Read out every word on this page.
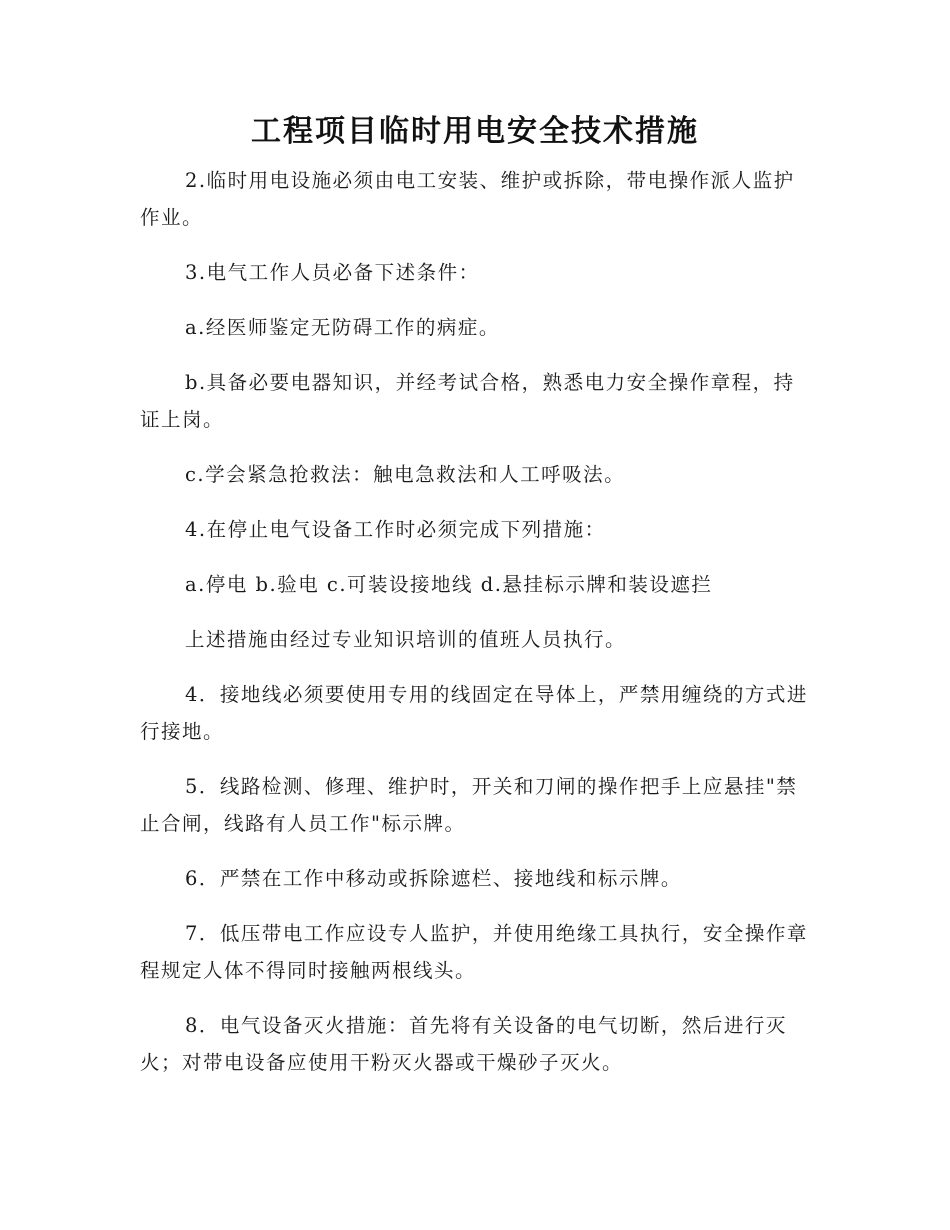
工程项目临时用电安全技术措施

2.临时用电设施必须由电工安装、维护或拆除，带电操作派人监护作业。

3.电气工作人员必备下述条件：

a.经医师鉴定无防碍工作的病症。

b.具备必要电器知识，并经考试合格，熟悉电力安全操作章程，持证上岗。

c.学会紧急抢救法：触电急救法和人工呼吸法。

4.在停止电气设备工作时必须完成下列措施：

a.停电 b.验电 c.可装设接地线 d.悬挂标示牌和装设遮拦

上述措施由经过专业知识培训的值班人员执行。

4．接地线必须要使用专用的线固定在导体上，严禁用缠绕的方式进行接地。

5．线路检测、修理、维护时，开关和刀闸的操作把手上应悬挂"禁止合闸，线路有人员工作"标示牌。

6．严禁在工作中移动或拆除遮栏、接地线和标示牌。

7．低压带电工作应设专人监护，并使用绝缘工具执行，安全操作章程规定人体不得同时接触两根线头。

8．电气设备灭火措施：首先将有关设备的电气切断，然后进行灭火；对带电设备应使用干粉灭火器或干燥砂子灭火。
